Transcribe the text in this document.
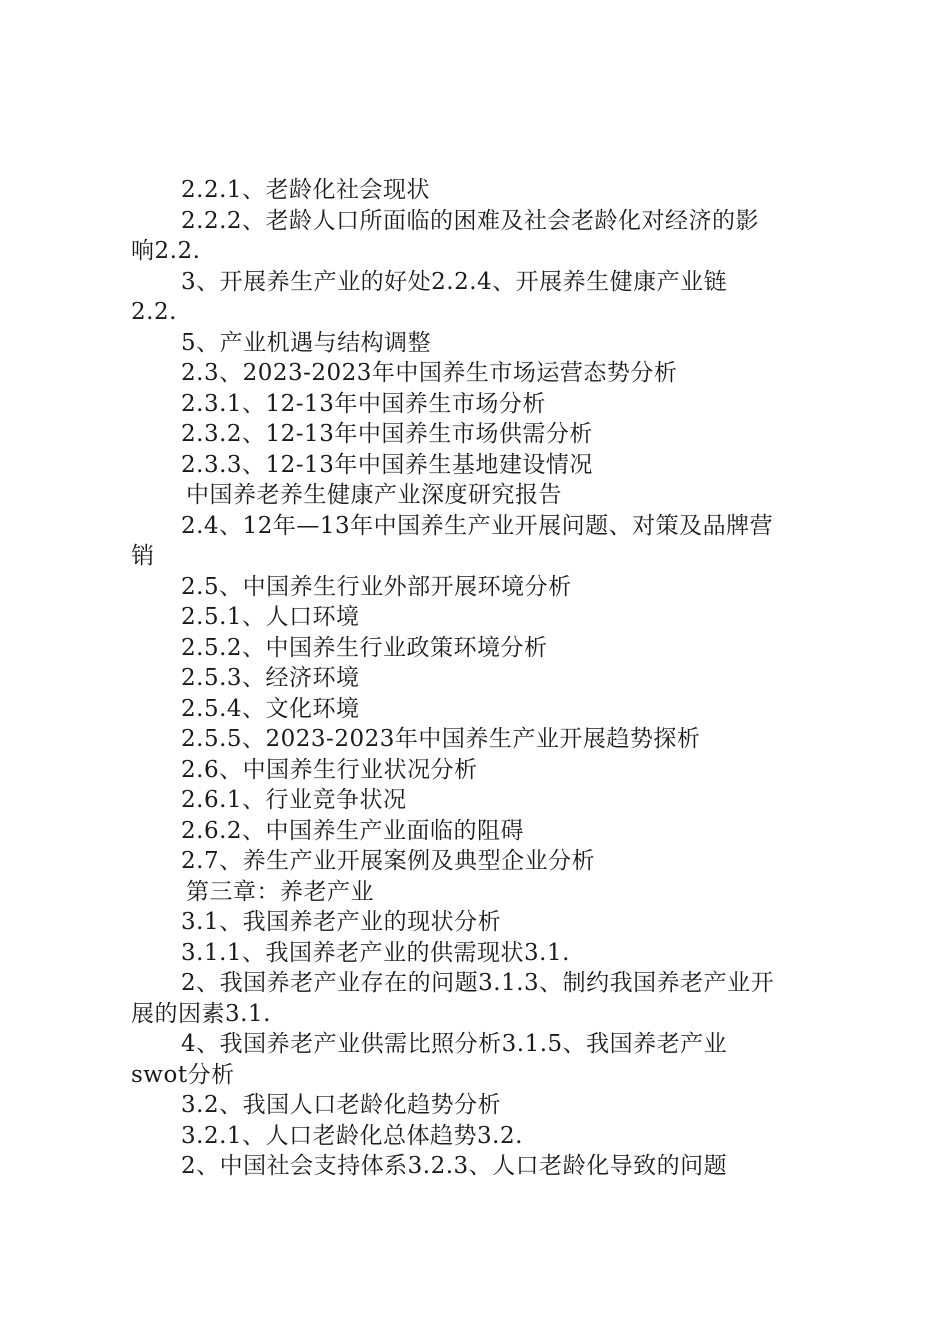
2.2.1、老龄化社会现状
2.2.2、老龄人口所面临的困难及社会老龄化对经济的影
响2.2.
3、开展养生产业的好处2.2.4、开展养生健康产业链
2.2.
5、产业机遇与结构调整
2.3、2023-2023年中国养生市场运营态势分析
2.3.1、12-13年中国养生市场分析
2.3.2、12-13年中国养生市场供需分析
2.3.3、12-13年中国养生基地建设情况
中国养老养生健康产业深度研究报告
2.4、12年—13年中国养生产业开展问题、对策及品牌营
销
2.5、中国养生行业外部开展环境分析
2.5.1、人口环境
2.5.2、中国养生行业政策环境分析
2.5.3、经济环境
2.5.4、文化环境
2.5.5、2023-2023年中国养生产业开展趋势探析
2.6、中国养生行业状况分析
2.6.1、行业竞争状况
2.6.2、中国养生产业面临的阻碍
2.7、养生产业开展案例及典型企业分析
第三章：养老产业
3.1、我国养老产业的现状分析
3.1.1、我国养老产业的供需现状3.1.
2、我国养老产业存在的问题3.1.3、制约我国养老产业开
展的因素3.1.
4、我国养老产业供需比照分析3.1.5、我国养老产业
swot分析
3.2、我国人口老龄化趋势分析
3.2.1、人口老龄化总体趋势3.2.
2、中国社会支持体系3.2.3、人口老龄化导致的问题
